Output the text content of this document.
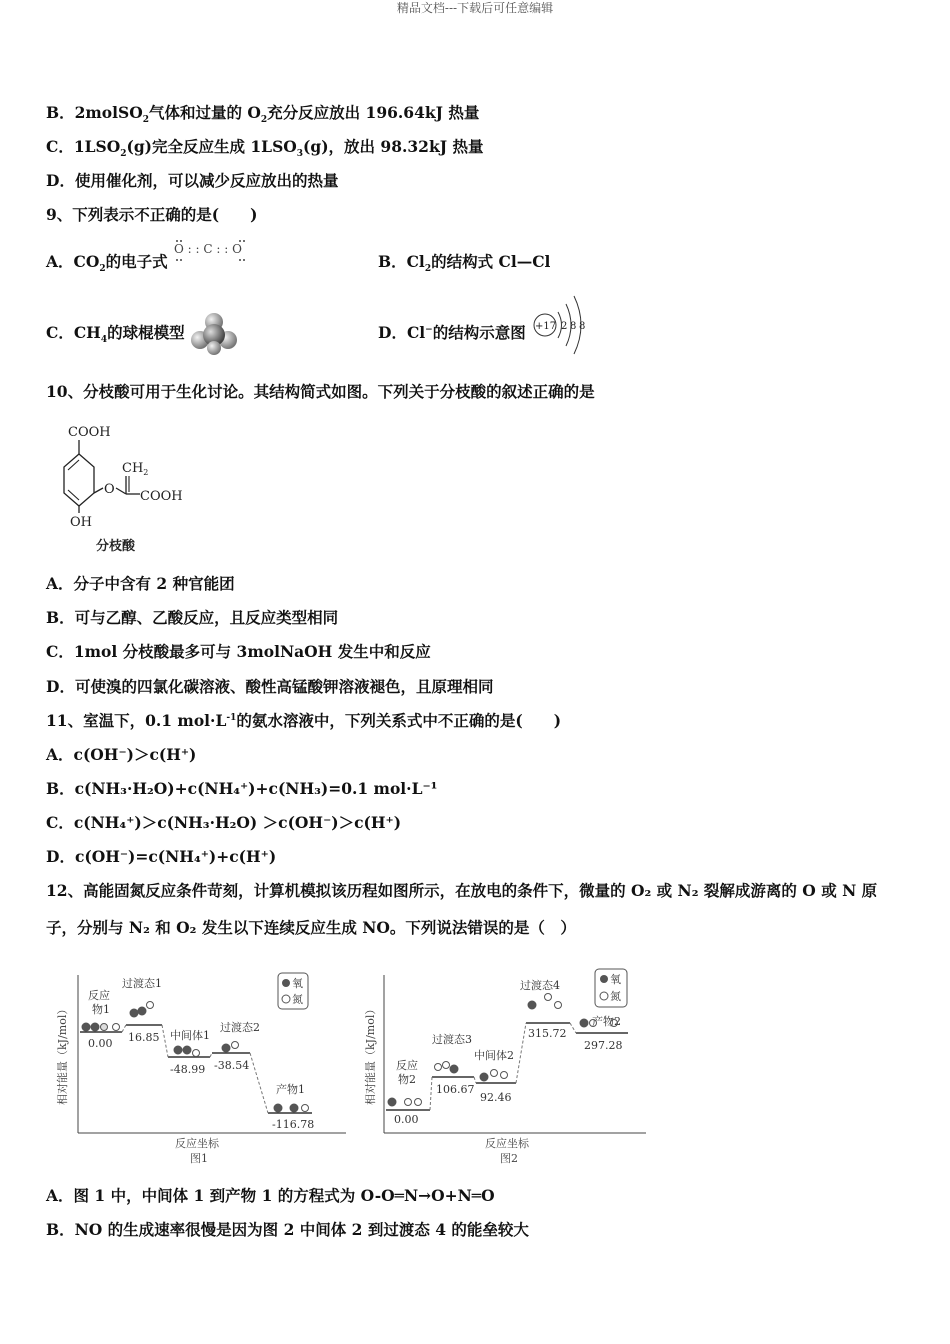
精品文档---下载后可任意编辑
B．2molSO$_2$气体和过量的 $O_2$充分反应放出 196.64kJ 热量
C．$1LSO_2(g)$完全反应生成 $1LSO_3(g)$，放出 98.32kJ 热量
D．使用催化剂，可以减少反应放出的热量
9、下列表示不正确的是(　　)
A．$CO_2$的电子式
O : : C : : O
B．$Cl_2$的结构式 Cl—Cl
C．$CH_4$的球棍模型	D．Cl−的结构示意图 +17 2 8 8
10、分枝酸可用于生化讨论。其结构简式如图。下列关于分枝酸的叙述正确的是
COOH
OH
O
$CH_2$
COOH
分枝酸
A．分子中含有 2 种官能团
B．可与乙醇、乙酸反应，且反应类型相同
C．1mol 分枝酸最多可与 3molNaOH 发生中和反应
D．可使溴的四氯化碳溶液、酸性高锰酸钾溶液褪色，且原理相同
11、室温下，0.1 $mol\cdot L^{-1}$的氨水溶液中，下列关系式中不正确的是(　　)
A．c(OH⁻)＞c(H⁺)
B．c(NH₃·H₂O)+c(NH₄⁺)+c(NH₃)=0.1 mol·L⁻¹
C．c(NH₄⁺)＞c(NH₃·H₂O) ＞c(OH⁻)＞c(H⁺)
D．c(OH⁻)=c(NH₄⁺)+c(H⁺)
12、高能固氮反应条件苛刻，计算机模拟该历程如图所示，在放电的条件下，微量的 O₂ 或 N₂ 裂解成游离的 O 或 N 原
子，分别与 N₂ 和 O₂ 发生以下连续反应生成 NO。下列说法错误的是（　）
相对能量（kJ/mol）
反应坐标
图1
氧
氮
反应
物1
0.00
过渡态1
16.85 中间体1
-48.99
过渡态2
-38.54
产物1
-116.78
相对能量（kJ/mol）
反应坐标
图2
氧
氮
反应
物2
0.00
过渡态3
106.67
中间体2
92.46
过渡态4
315.72
产物2
297.28
A．图 1 中，中间体 1 到产物 1 的方程式为 O-O═N→O+N═O
B．NO 的生成速率很慢是因为图 2 中间体 2 到过渡态 4 的能垒较大
